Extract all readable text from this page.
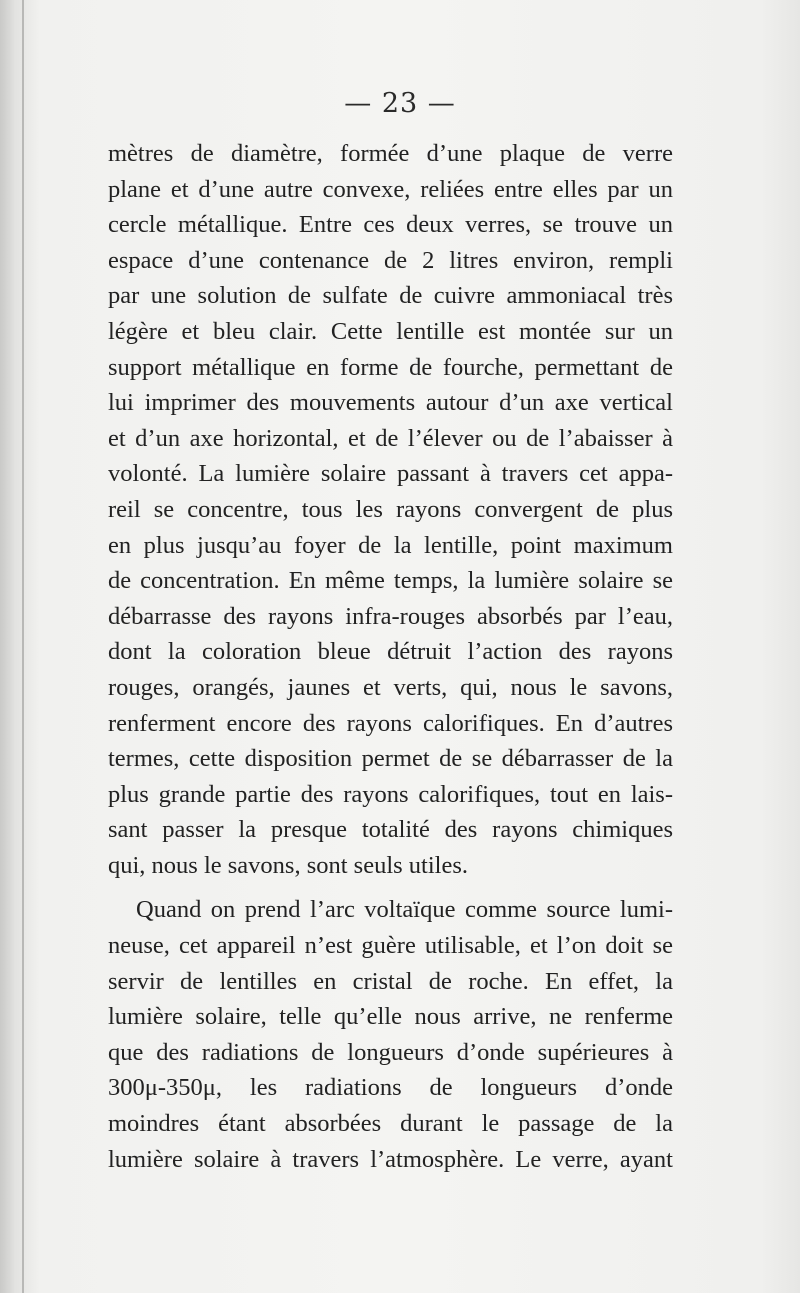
— 23 —
mètres de diamètre, formée d’une plaque de verre
plane et d’une autre convexe, reliées entre elles par un
cercle métallique. Entre ces deux verres, se trouve un
espace d’une contenance de 2 litres environ, rempli
par une solution de sulfate de cuivre ammoniacal très
légère et bleu clair. Cette lentille est montée sur un
support métallique en forme de fourche, permettant de
lui imprimer des mouvements autour d’un axe vertical
et d’un axe horizontal, et de l’élever ou de l’abaisser à
volonté. La lumière solaire passant à travers cet appa-
reil se concentre, tous les rayons convergent de plus
en plus jusqu’au foyer de la lentille, point maximum
de concentration. En même temps, la lumière solaire se
débarrasse des rayons infra-rouges absorbés par l’eau,
dont la coloration bleue détruit l’action des rayons
rouges, orangés, jaunes et verts, qui, nous le savons,
renferment encore des rayons calorifiques. En d’autres
termes, cette disposition permet de se débarrasser de la
plus grande partie des rayons calorifiques, tout en lais-
sant passer la presque totalité des rayons chimiques
qui, nous le savons, sont seuls utiles.
Quand on prend l’arc voltaïque comme source lumi-
neuse, cet appareil n’est guère utilisable, et l’on doit se
servir de lentilles en cristal de roche. En effet, la
lumière solaire, telle qu’elle nous arrive, ne renferme
que des radiations de longueurs d’onde supérieures à
300μ-350μ, les radiations de longueurs d’onde
moindres étant absorbées durant le passage de la
lumière solaire à travers l’atmosphère. Le verre, ayant
